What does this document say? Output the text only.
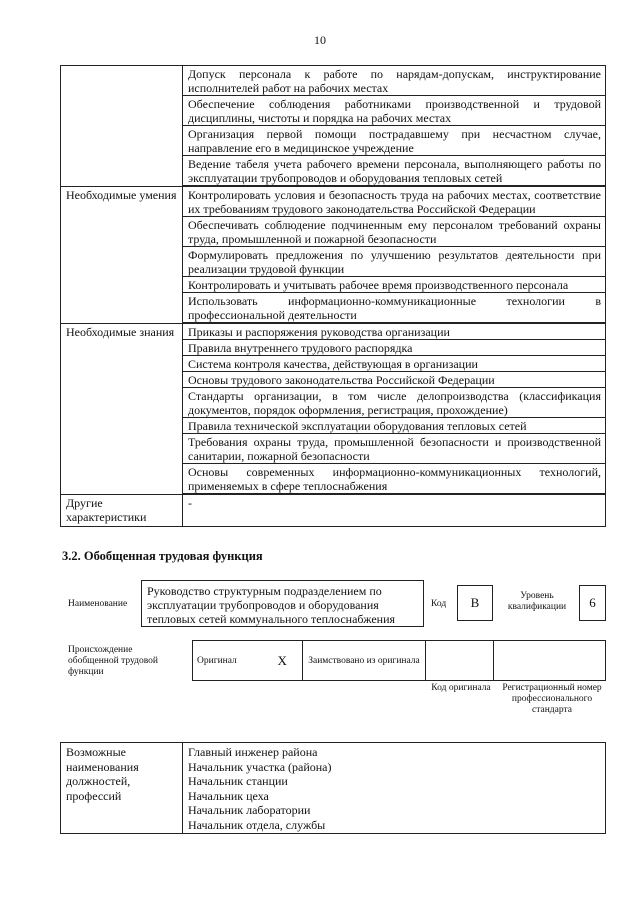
10
	Допуск персонала к работе по нарядам-допускам, инструктирование исполнителей работ на рабочих местах
	Обеспечение соблюдения работниками производственной и трудовой дисциплины, чистоты и порядка на рабочих местах
	Организация первой помощи пострадавшему при несчастном случае, направление его в медицинское учреждение
	Ведение табеля учета рабочего времени персонала, выполняющего работы по эксплуатации трубопроводов и оборудования тепловых сетей
Необходимые умения	Контролировать условия и безопасность труда на рабочих местах, соответствие их требованиям трудового законодательства Российской Федерации
	Обеспечивать соблюдение подчиненным ему персоналом требований охраны труда, промышленной и пожарной безопасности
	Формулировать предложения по улучшению результатов деятельности при реализации трудовой функции
	Контролировать и учитывать рабочее время производственного персонала
	Использовать информационно-коммуникационные технологии в профессиональной деятельности
Необходимые знания	Приказы и распоряжения руководства организации
	Правила внутреннего трудового распорядка
	Система контроля качества, действующая в организации
	Основы трудового законодательства Российской Федерации
	Стандарты организации, в том числе делопроизводства (классификация документов, порядок оформления, регистрация, прохождение)
	Правила технической эксплуатации оборудования тепловых сетей
	Требования охраны труда, промышленной безопасности и производственной санитарии, пожарной безопасности
	Основы современных информационно-коммуникационных технологий, применяемых в сфере теплоснабжения
Другие характеристики	-
3.2. Обобщенная трудовая функция
Наименование
Руководство структурным подразделением по эксплуатации трубопроводов и оборудования тепловых сетей коммунального теплоснабжения
Код	B	Уровень квалификации	6
Происхождение обобщенной трудовой функции
Оригинал	X	Заимствовано из оригинала		
Код оригинала	Регистрационный номер профессионального стандарта
Возможные наименования должностей, профессий	
Главный инженер района
Начальник участка (района)
Начальник станции
Начальник цеха
Начальник лаборатории
Начальник отдела, службы
